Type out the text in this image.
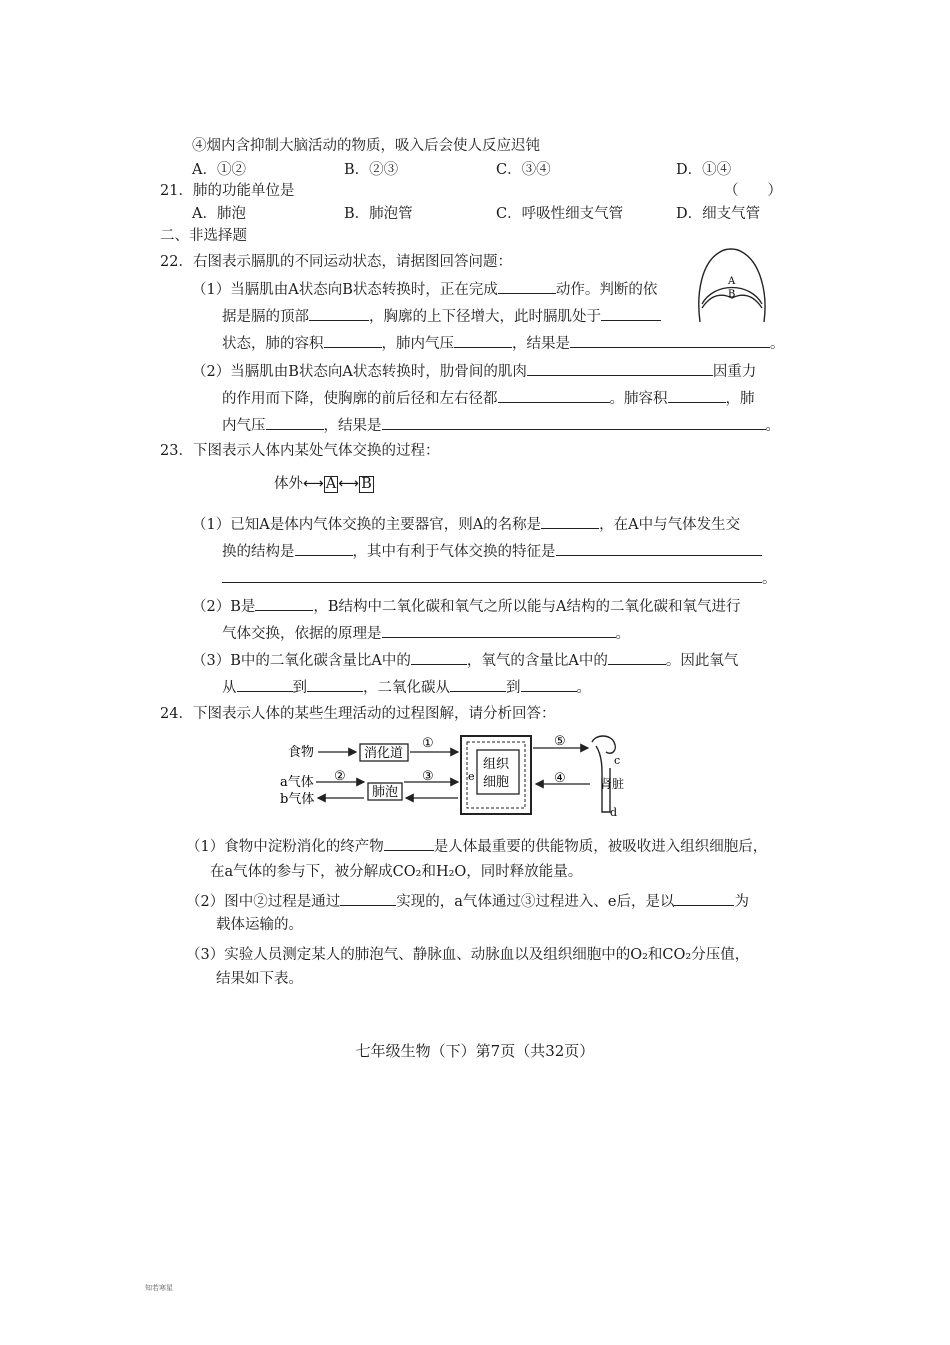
④烟内含抑制大脑活动的物质，吸入后会使人反应迟钝
A．①②	B．②③	C．③④	D．①④
21．肺的功能单位是	（　　）
A．肺泡	B．肺泡管	C．呼吸性细支气管	D．细支气管
二、非选择题
22．右图表示膈肌的不同运动状态，请据图回答问题：
A
B
（1）当膈肌由A状态向B状态转换时，正在完成	动作。判断的依
据是膈的顶部	，胸廓的上下径增大，此时膈肌处于
状态，肺的容积	，肺内气压	，结果是	。
（2）当膈肌由B状态向A状态转换时，肋骨间的肌肉	因重力
的作用而下降，使胸廓的前后径和左右径都	。肺容积	，肺
内气压	，结果是	。
23．下图表示人体内某处气体交换的过程：
体外⟷ A ⟷ B
（1）已知A是体内气体交换的主要器官，则A的名称是	，在A中与气体发生交
换的结构是	，其中有利于气体交换的特征是
。
（2）B是	，B结构中二氧化碳和氧气之所以能与A结构的二氧化碳和氧气进行
气体交换，依据的原理是	。
（3）B中的二氧化碳含量比A中的	，氧气的含量比A中的	。因此氧气
从	到	，二氧化碳从	到	。
24．下图表示人体的某些生理活动的过程图解，请分析回答：
食物	消化道
①
a气体
b气体
②
肺泡
③
组织
细胞
e
⑤
④
c
肾脏
d
（1）食物中淀粉消化的终产物	是人体最重要的供能物质，被吸收进入组织细胞后，
在a气体的参与下，被分解成CO₂和H₂O，同时释放能量。
（2）图中②过程是通过	实现的，a气体通过③过程进入、e后，是以	为
载体运输的。
（3）实验人员测定某人的肺泡气、静脉血、动脉血以及组织细胞中的O₂和CO₂分压值，
结果如下表。
七年级生物（下）第7页（共32页）
知若寒星
